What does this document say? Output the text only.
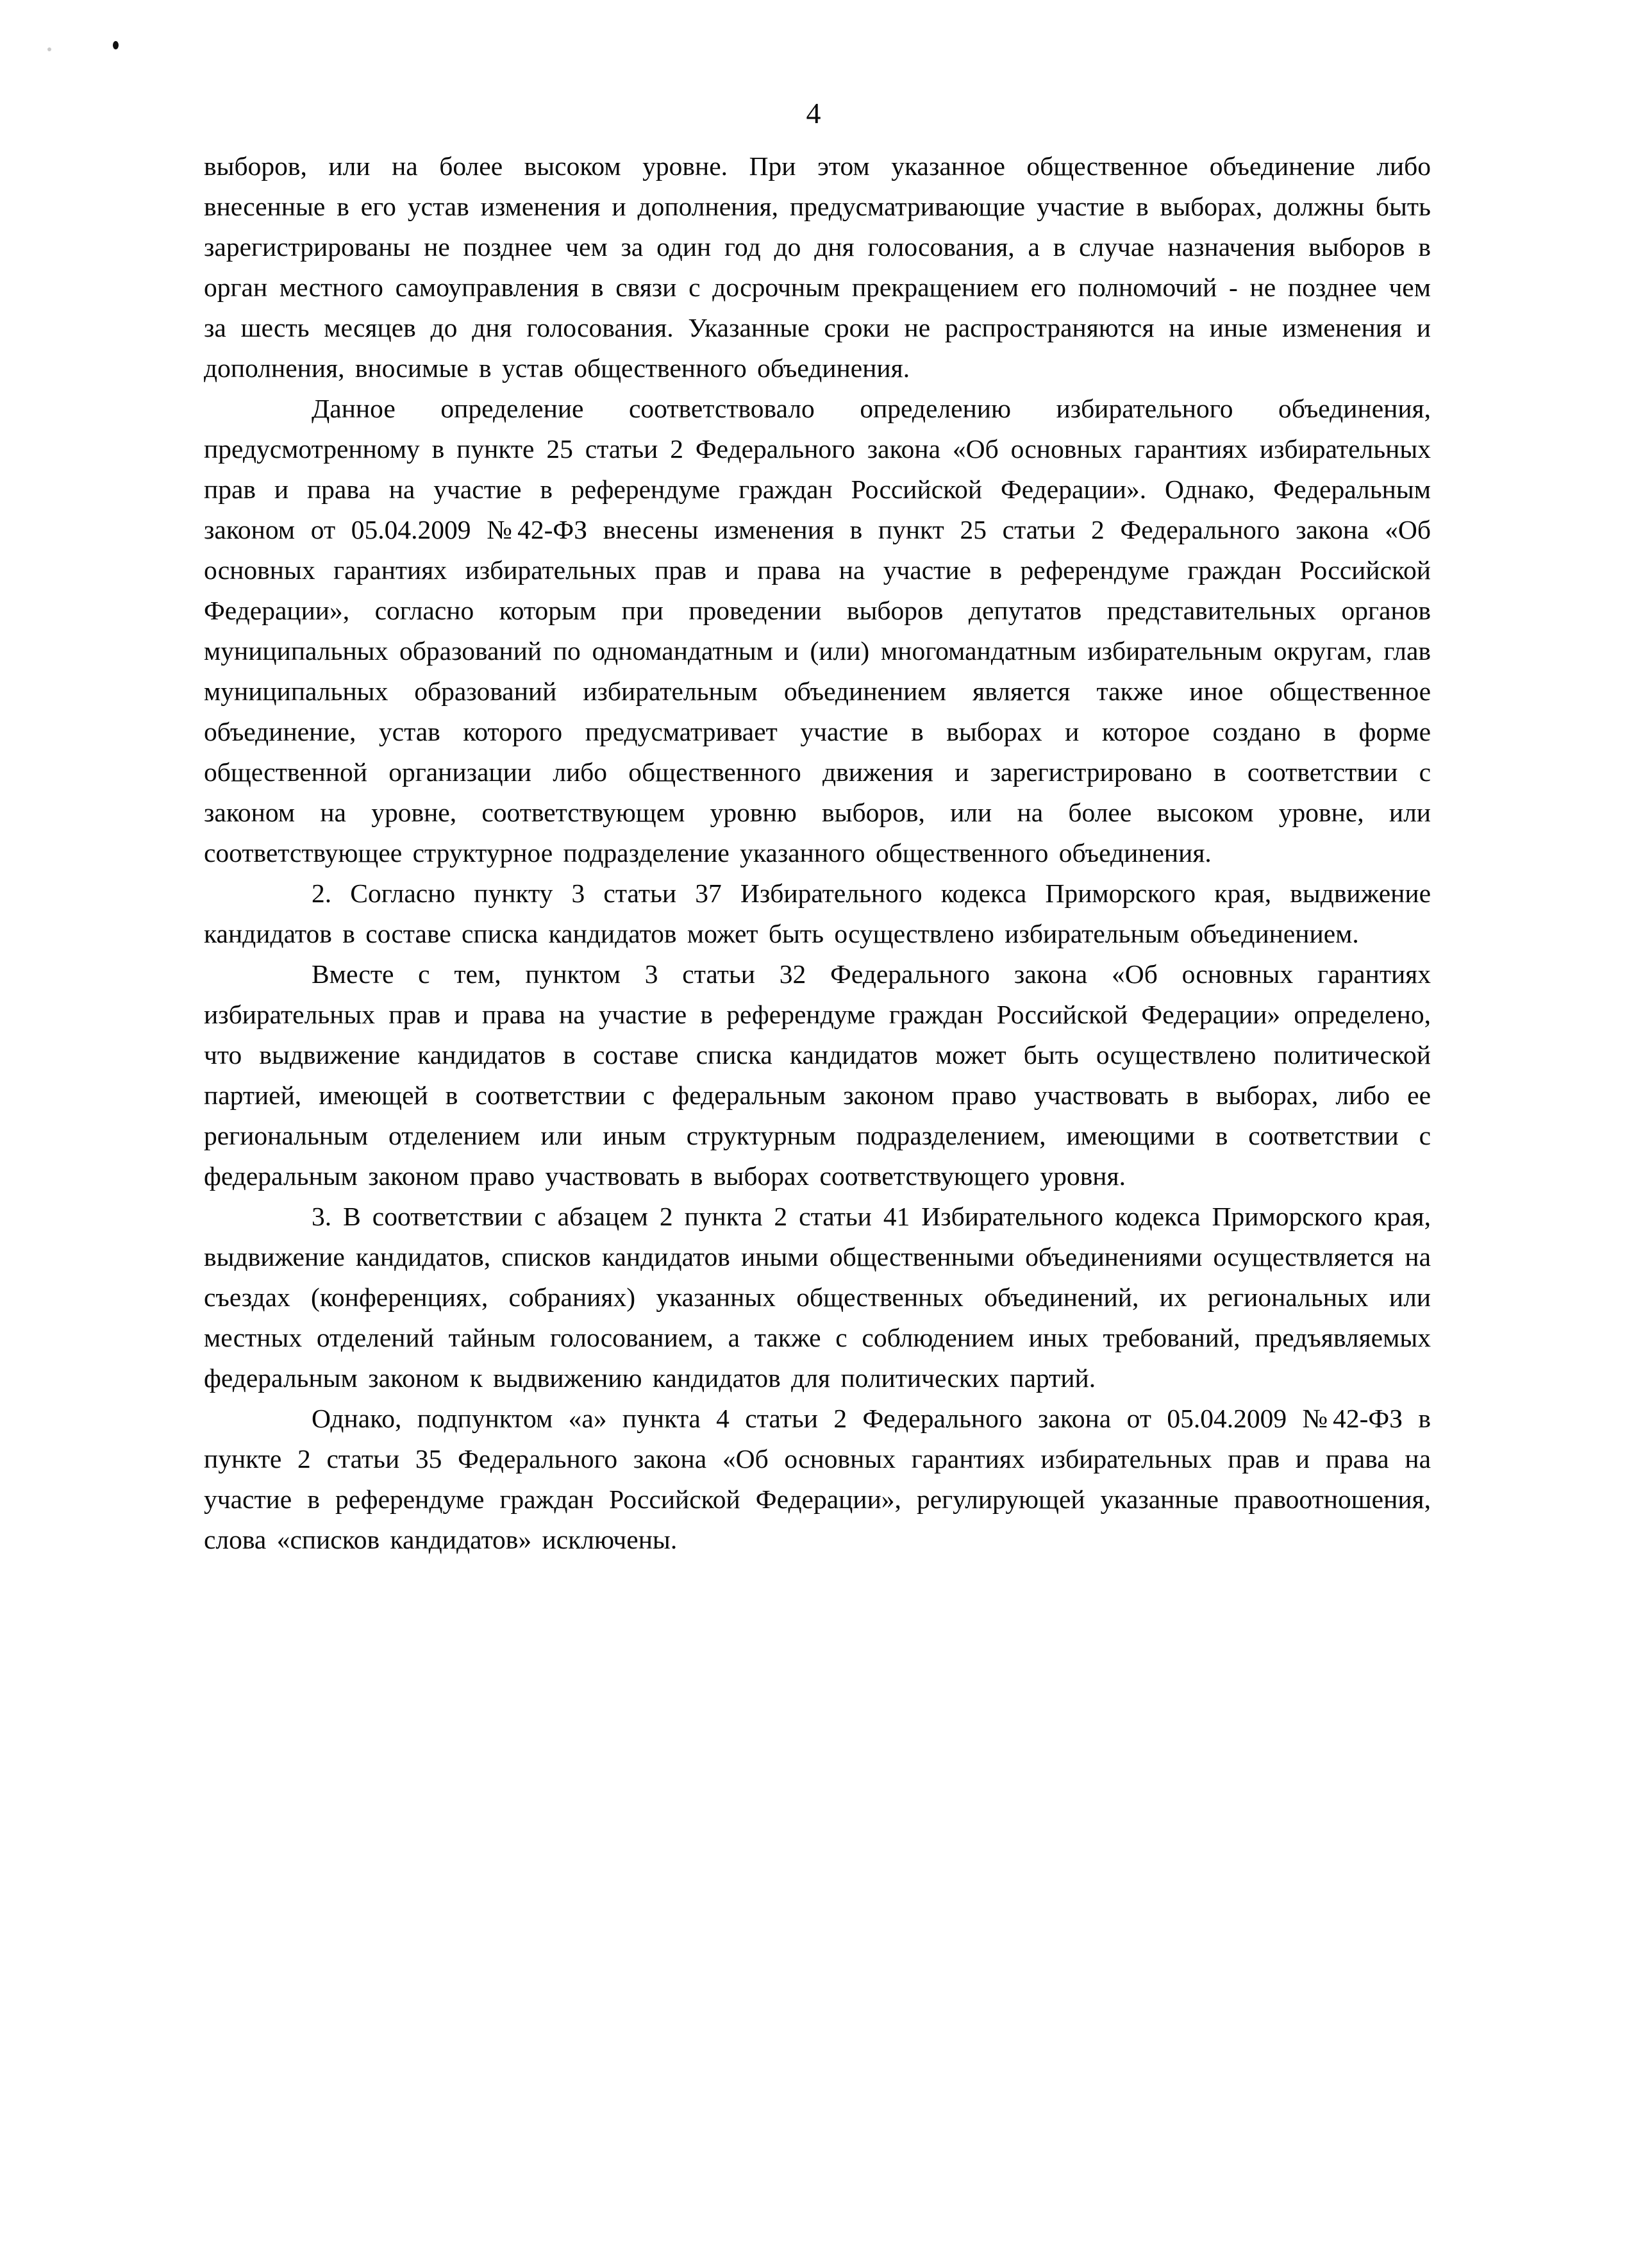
4

выборов, или на более высоком уровне. При этом указанное общественное объединение либо внесенные в его устав изменения и дополнения, предусматривающие участие в выборах, должны быть зарегистрированы не позднее чем за один год до дня голосования, а в случае назначения выборов в орган местного самоуправления в связи с досрочным прекращением его полномочий - не позднее чем за шесть месяцев до дня голосования. Указанные сроки не распространяются на иные изменения и дополнения, вносимые в устав общественного объединения.

Данное определение соответствовало определению избирательного объединения, предусмотренному в пункте 25 статьи 2 Федерального закона «Об основных гарантиях избирательных прав и права на участие в референдуме граждан Российской Федерации». Однако, Федеральным законом от 05.04.2009 №42-ФЗ внесены изменения в пункт 25 статьи 2 Федерального закона «Об основных гарантиях избирательных прав и права на участие в референдуме граждан Российской Федерации», согласно которым при проведении выборов депутатов представительных органов муниципальных образований по одномандатным и (или) многомандатным избирательным округам, глав муниципальных образований избирательным объединением является также иное общественное объединение, устав которого предусматривает участие в выборах и которое создано в форме общественной организации либо общественного движения и зарегистрировано в соответствии с законом на уровне, соответствующем уровню выборов, или на более высоком уровне, или соответствующее структурное подразделение указанного общественного объединения.

2. Согласно пункту 3 статьи 37 Избирательного кодекса Приморского края, выдвижение кандидатов в составе списка кандидатов может быть осуществлено избирательным объединением.

Вместе с тем, пунктом 3 статьи 32 Федерального закона «Об основных гарантиях избирательных прав и права на участие в референдуме граждан Российской Федерации» определено, что выдвижение кандидатов в составе списка кандидатов может быть осуществлено политической партией, имеющей в соответствии с федеральным законом право участвовать в выборах, либо ее региональным отделением или иным структурным подразделением, имеющими в соответствии с федеральным законом право участвовать в выборах соответствующего уровня.

3. В соответствии с абзацем 2 пункта 2 статьи 41 Избирательного кодекса Приморского края, выдвижение кандидатов, списков кандидатов иными общественными объединениями осуществляется на съездах (конференциях, собраниях) указанных общественных объединений, их региональных или местных отделений тайным голосованием, а также с соблюдением иных требований, предъявляемых федеральным законом к выдвижению кандидатов для политических партий.

Однако, подпунктом «а» пункта 4 статьи 2 Федерального закона от 05.04.2009 №42-ФЗ в пункте 2 статьи 35 Федерального закона «Об основных гарантиях избирательных прав и права на участие в референдуме граждан Российской Федерации», регулирующей указанные правоотношения, слова «списков кандидатов» исключены.
